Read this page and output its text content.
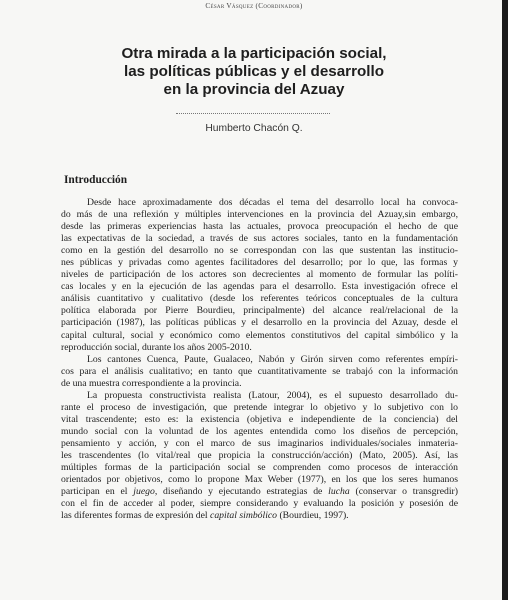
César Vásquez (Coordinador)
Otra mirada a la participación social,
las políticas públicas y el desarrollo
en la provincia del Azuay
Humberto Chacón Q.
Introducción
Desde hace aproximadamente dos décadas el tema del desarrollo local ha convoca-
do más de una reflexión y múltiples intervenciones en la provincia del Azuay,sin embargo,
desde las primeras experiencias hasta las actuales, provoca preocupación el hecho de que
las expectativas de la sociedad, a través de sus actores sociales, tanto en la fundamentación
como en la gestión del desarrollo no se correspondan con las que sustentan las institucio-
nes públicas y privadas como agentes facilitadores del desarrollo; por lo que, las formas y
niveles de participación de los actores son decrecientes al momento de formular las políti-
cas locales y en la ejecución de las agendas para el desarrollo. Esta investigación ofrece el
análisis cuantitativo y cualitativo (desde los referentes teóricos conceptuales de la cultura
política elaborada por Pierre Bourdieu, principalmente) del alcance real/relacional de la
participación (1987), las políticas públicas y el desarrollo en la provincia del Azuay, desde el
capital cultural, social y económico como elementos constitutivos del capital simbólico y la
reproducción social, durante los años 2005-2010.
Los cantones Cuenca, Paute, Gualaceo, Nabón y Girón sirven como referentes empíri-
cos para el análisis cualitativo; en tanto que cuantitativamente se trabajó con la información
de una muestra correspondiente a la provincia.
La propuesta constructivista realista (Latour, 2004), es el supuesto desarrollado du-
rante el proceso de investigación, que pretende integrar lo objetivo y lo subjetivo con lo
vital trascendente; esto es: la existencia (objetiva e independiente de la conciencia) del
mundo social con la voluntad de los agentes entendida como los diseños de percepción,
pensamiento y acción, y con el marco de sus imaginarios individuales/sociales inmateria-
les trascendentes (lo vital/real que propicia la construcción/acción) (Mato, 2005). Así, las
múltiples formas de la participación social se comprenden como procesos de interacción
orientados por objetivos, como lo propone Max Weber (1977), en los que los seres humanos
participan en el juego, diseñando y ejecutando estrategias de lucha (conservar o transgredir)
con el fin de acceder al poder, siempre considerando y evaluando la posición y posesión de
las diferentes formas de expresión del capital simbólico (Bourdieu, 1997).
